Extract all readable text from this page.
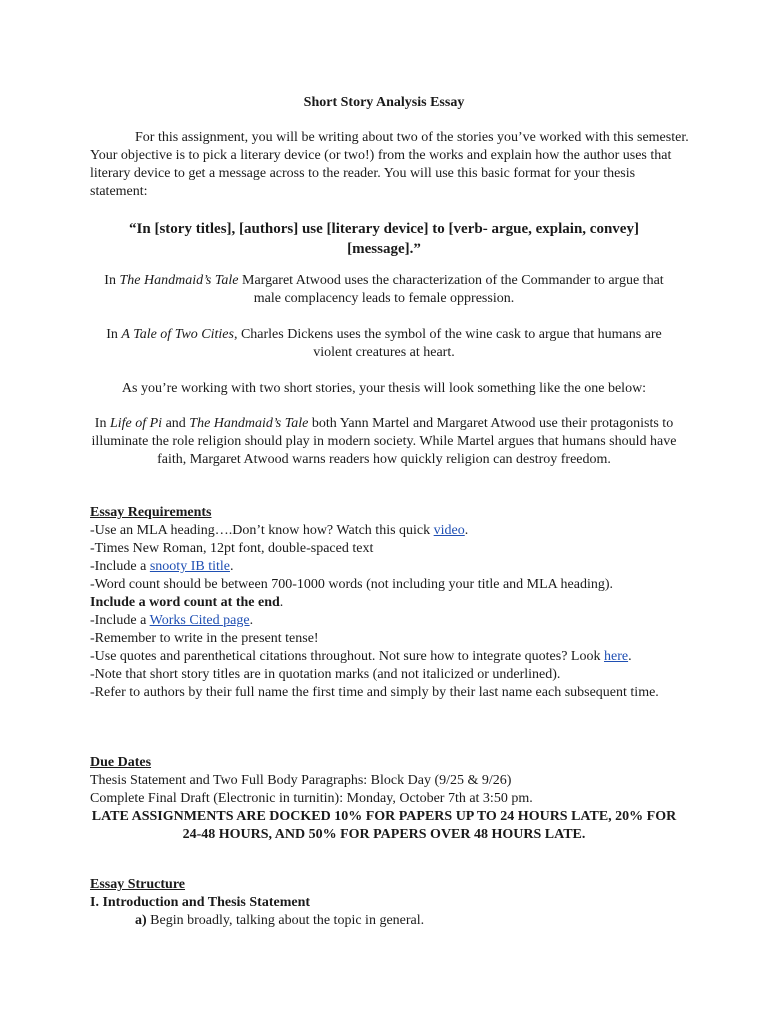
Short Story Analysis Essay

For this assignment, you will be writing about two of the stories you’ve worked with this semester. Your objective is to pick a literary device (or two!) from the works and explain how the author uses that literary device to get a message across to the reader. You will use this basic format for your thesis statement:

“In [story titles], [authors] use [literary device] to [verb- argue, explain, convey] [message].”

In The Handmaid’s Tale Margaret Atwood uses the characterization of the Commander to argue that male complacency leads to female oppression.

In A Tale of Two Cities, Charles Dickens uses the symbol of the wine cask to argue that humans are violent creatures at heart.

As you’re working with two short stories, your thesis will look something like the one below:

In Life of Pi and The Handmaid’s Tale both Yann Martel and Margaret Atwood use their protagonists to illuminate the role religion should play in modern society. While Martel argues that humans should have faith, Margaret Atwood warns readers how quickly religion can destroy freedom.

Essay Requirements

-Use an MLA heading….Don’t know how? Watch this quick video.

-Times New Roman, 12pt font, double-spaced text

-Include a snooty IB title.

-Word count should be between 700-1000 words (not including your title and MLA heading).

Include a word count at the end.

-Include a Works Cited page.

-Remember to write in the present tense!

-Use quotes and parenthetical citations throughout. Not sure how to integrate quotes? Look here.

-Note that short story titles are in quotation marks (and not italicized or underlined).

-Refer to authors by their full name the first time and simply by their last name each subsequent time.

Due Dates

Thesis Statement and Two Full Body Paragraphs: Block Day (9/25 & 9/26)

Complete Final Draft (Electronic in turnitin): Monday, October 7th at 3:50 pm.

LATE ASSIGNMENTS ARE DOCKED 10% FOR PAPERS UP TO 24 HOURS LATE, 20% FOR 24-48 HOURS, AND 50% FOR PAPERS OVER 48 HOURS LATE.

Essay Structure

I. Introduction and Thesis Statement

a) Begin broadly, talking about the topic in general.
